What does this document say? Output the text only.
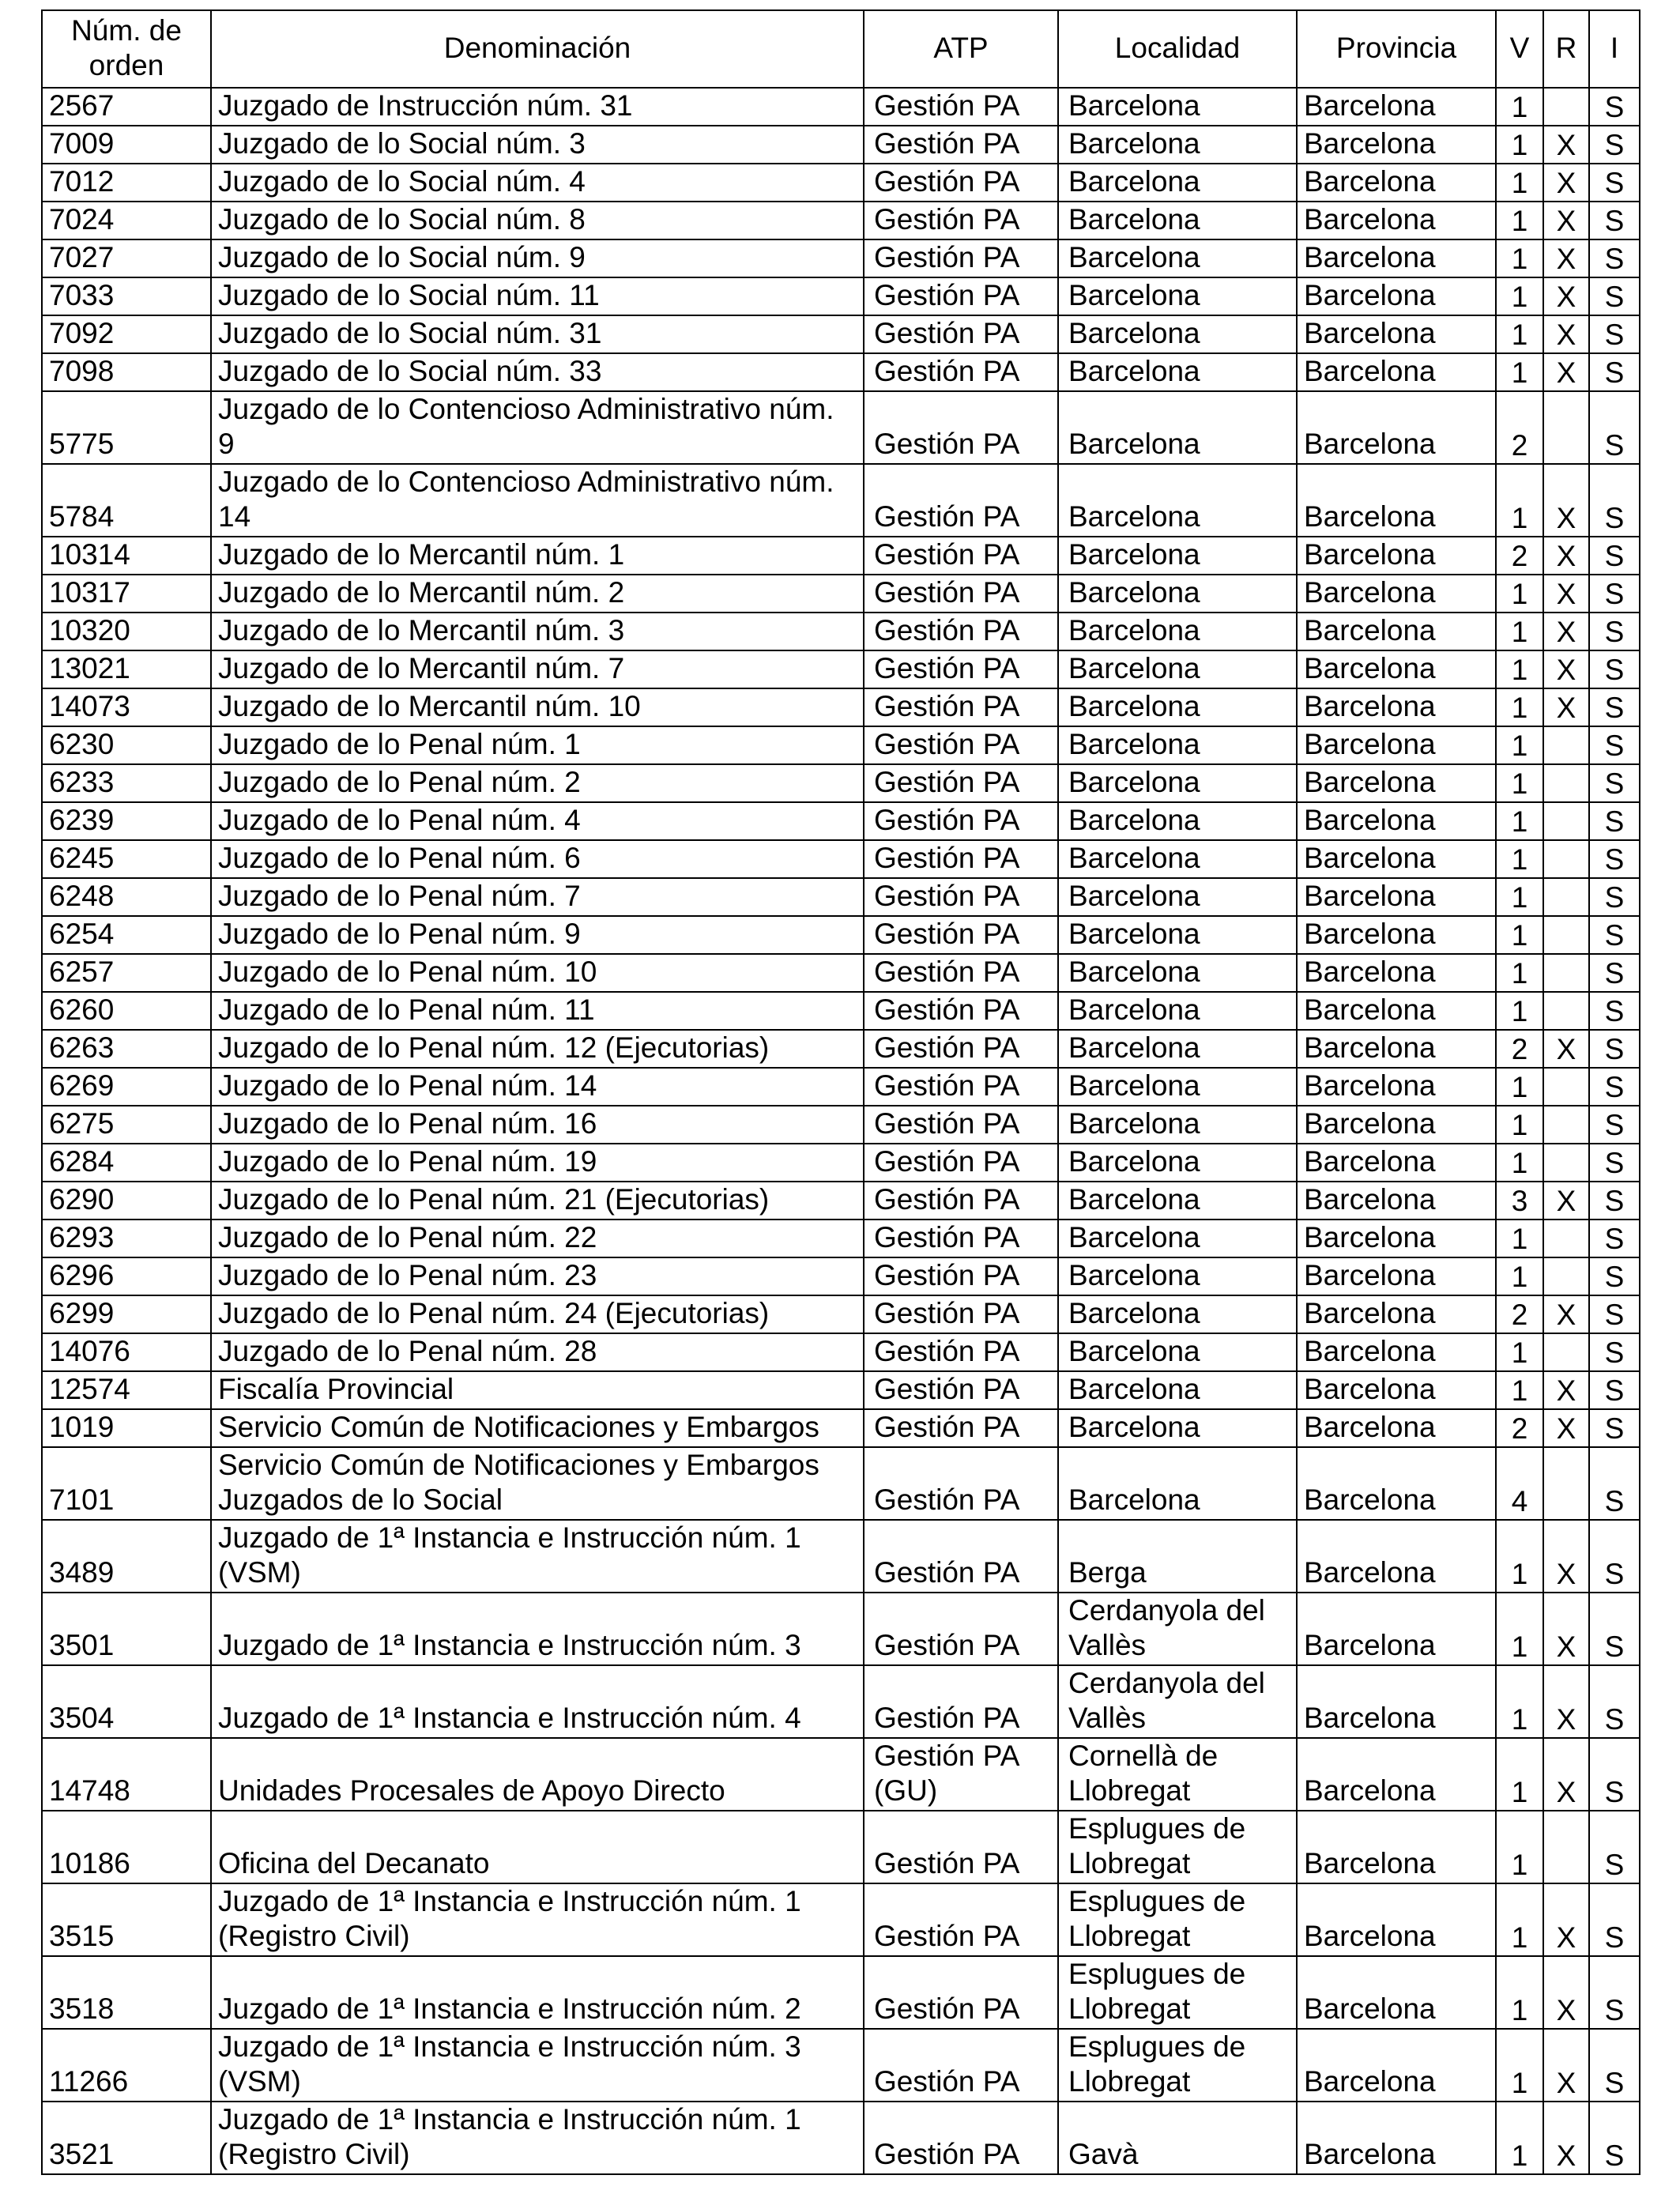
Núm. de orden	Denominación	ATP	Localidad	Provincia	V	R	I
2567	Juzgado de Instrucción núm. 31	Gestión PA	Barcelona	Barcelona	1		S
7009	Juzgado de lo Social núm. 3	Gestión PA	Barcelona	Barcelona	1	X	S
7012	Juzgado de lo Social núm. 4	Gestión PA	Barcelona	Barcelona	1	X	S
7024	Juzgado de lo Social núm. 8	Gestión PA	Barcelona	Barcelona	1	X	S
7027	Juzgado de lo Social núm. 9	Gestión PA	Barcelona	Barcelona	1	X	S
7033	Juzgado de lo Social núm. 11	Gestión PA	Barcelona	Barcelona	1	X	S
7092	Juzgado de lo Social núm. 31	Gestión PA	Barcelona	Barcelona	1	X	S
7098	Juzgado de lo Social núm. 33	Gestión PA	Barcelona	Barcelona	1	X	S
5775	Juzgado de lo Contencioso Administrativo núm. 9	Gestión PA	Barcelona	Barcelona	2		S
5784	Juzgado de lo Contencioso Administrativo núm. 14	Gestión PA	Barcelona	Barcelona	1	X	S
10314	Juzgado de lo Mercantil núm. 1	Gestión PA	Barcelona	Barcelona	2	X	S
10317	Juzgado de lo Mercantil núm. 2	Gestión PA	Barcelona	Barcelona	1	X	S
10320	Juzgado de lo Mercantil núm. 3	Gestión PA	Barcelona	Barcelona	1	X	S
13021	Juzgado de lo Mercantil núm. 7	Gestión PA	Barcelona	Barcelona	1	X	S
14073	Juzgado de lo Mercantil núm. 10	Gestión PA	Barcelona	Barcelona	1	X	S
6230	Juzgado de lo Penal núm. 1	Gestión PA	Barcelona	Barcelona	1		S
6233	Juzgado de lo Penal núm. 2	Gestión PA	Barcelona	Barcelona	1		S
6239	Juzgado de lo Penal núm. 4	Gestión PA	Barcelona	Barcelona	1		S
6245	Juzgado de lo Penal núm. 6	Gestión PA	Barcelona	Barcelona	1		S
6248	Juzgado de lo Penal núm. 7	Gestión PA	Barcelona	Barcelona	1		S
6254	Juzgado de lo Penal núm. 9	Gestión PA	Barcelona	Barcelona	1		S
6257	Juzgado de lo Penal núm. 10	Gestión PA	Barcelona	Barcelona	1		S
6260	Juzgado de lo Penal núm. 11	Gestión PA	Barcelona	Barcelona	1		S
6263	Juzgado de lo Penal núm. 12 (Ejecutorias)	Gestión PA	Barcelona	Barcelona	2	X	S
6269	Juzgado de lo Penal núm. 14	Gestión PA	Barcelona	Barcelona	1		S
6275	Juzgado de lo Penal núm. 16	Gestión PA	Barcelona	Barcelona	1		S
6284	Juzgado de lo Penal núm. 19	Gestión PA	Barcelona	Barcelona	1		S
6290	Juzgado de lo Penal núm. 21 (Ejecutorias)	Gestión PA	Barcelona	Barcelona	3	X	S
6293	Juzgado de lo Penal núm. 22	Gestión PA	Barcelona	Barcelona	1		S
6296	Juzgado de lo Penal núm. 23	Gestión PA	Barcelona	Barcelona	1		S
6299	Juzgado de lo Penal núm. 24 (Ejecutorias)	Gestión PA	Barcelona	Barcelona	2	X	S
14076	Juzgado de lo Penal núm. 28	Gestión PA	Barcelona	Barcelona	1		S
12574	Fiscalía Provincial	Gestión PA	Barcelona	Barcelona	1	X	S
1019	Servicio Común de Notificaciones y Embargos	Gestión PA	Barcelona	Barcelona	2	X	S
7101	Servicio Común de Notificaciones y Embargos Juzgados de lo Social	Gestión PA	Barcelona	Barcelona	4		S
3489	Juzgado de 1ª Instancia e Instrucción núm. 1 (VSM)	Gestión PA	Berga	Barcelona	1	X	S
3501	Juzgado de 1ª Instancia e Instrucción núm. 3	Gestión PA	Cerdanyola del Vallès	Barcelona	1	X	S
3504	Juzgado de 1ª Instancia e Instrucción núm. 4	Gestión PA	Cerdanyola del Vallès	Barcelona	1	X	S
14748	Unidades Procesales de Apoyo Directo	Gestión PA (GU)	Cornellà de Llobregat	Barcelona	1	X	S
10186	Oficina del Decanato	Gestión PA	Esplugues de Llobregat	Barcelona	1		S
3515	Juzgado de 1ª Instancia e Instrucción núm. 1 (Registro Civil)	Gestión PA	Esplugues de Llobregat	Barcelona	1	X	S
3518	Juzgado de 1ª Instancia e Instrucción núm. 2	Gestión PA	Esplugues de Llobregat	Barcelona	1	X	S
11266	Juzgado de 1ª Instancia e Instrucción núm. 3 (VSM)	Gestión PA	Esplugues de Llobregat	Barcelona	1	X	S
3521	Juzgado de 1ª Instancia e Instrucción núm. 1 (Registro Civil)	Gestión PA	Gavà	Barcelona	1	X	S
